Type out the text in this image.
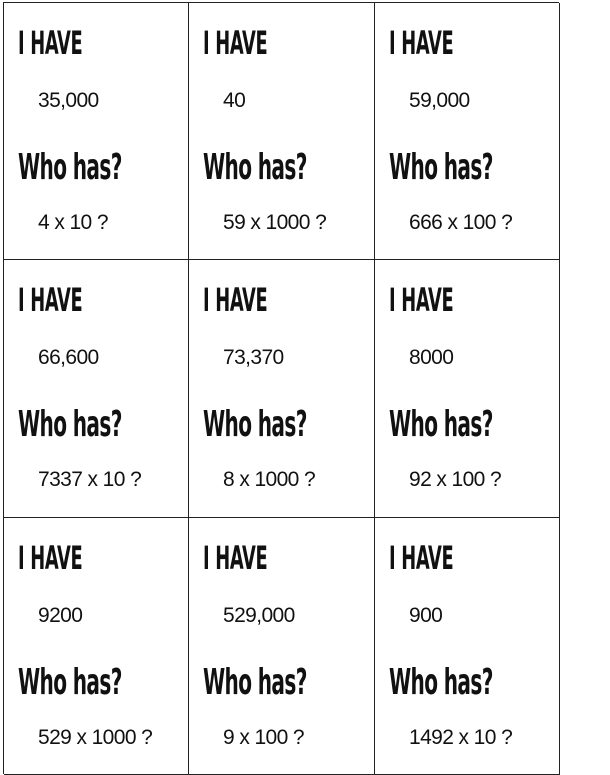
I HAVE
35,000
Who has?
4 x 10 ?
I HAVE
40
Who has?
59 x 1000 ?
I HAVE
59,000
Who has?
666 x 100 ?
I HAVE
66,600
Who has?
7337 x 10 ?
I HAVE
73,370
Who has?
8 x 1000 ?
I HAVE
8000
Who has?
92 x 100 ?
I HAVE
9200
Who has?
529 x 1000 ?
I HAVE
529,000
Who has?
9 x 100 ?
I HAVE
900
Who has?
1492 x 10 ?
